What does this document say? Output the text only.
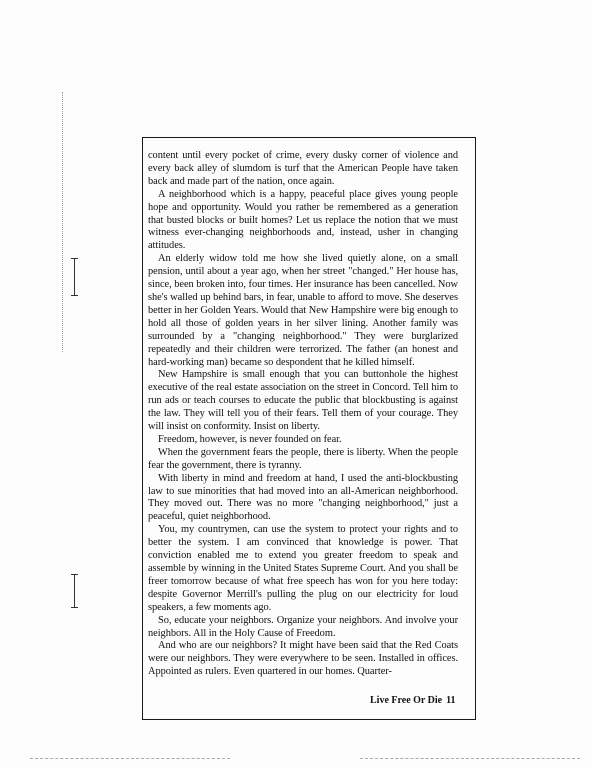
content until every pocket of crime, every dusky corner of violence and every back alley of slumdom is turf that the American People have taken back and made part of the nation, once again.

A neighborhood which is a happy, peaceful place gives young people hope and opportunity. Would you rather be remembered as a generation that busted blocks or built homes? Let us replace the notion that we must witness ever-changing neighborhoods and, instead, usher in changing attitudes.

An elderly widow told me how she lived quietly alone, on a small pension, until about a year ago, when her street "changed." Her house has, since, been broken into, four times. Her insurance has been cancelled. Now she's walled up behind bars, in fear, unable to afford to move. She deserves better in her Golden Years. Would that New Hampshire were big enough to hold all those of golden years in her silver lining. Another family was surrounded by a "changing neighborhood." They were burglarized repeatedly and their children were terrorized. The father (an honest and hard-working man) became so despondent that he killed himself.

New Hampshire is small enough that you can buttonhole the highest executive of the real estate association on the street in Concord. Tell him to run ads or teach courses to educate the public that blockbusting is against the law. They will tell you of their fears. Tell them of your courage. They will insist on conformity. Insist on liberty.

Freedom, however, is never founded on fear.

When the government fears the people, there is liberty. When the people fear the government, there is tyranny.

With liberty in mind and freedom at hand, I used the anti-blockbusting law to sue minorities that had moved into an all-American neighborhood. They moved out. There was no more "changing neighborhood," just a peaceful, quiet neighborhood.

You, my countrymen, can use the system to protect your rights and to better the system. I am convinced that knowledge is power. That conviction enabled me to extend you greater freedom to speak and assemble by winning in the United States Supreme Court. And you shall be freer tomorrow because of what free speech has won for you here today: despite Governor Merrill's pulling the plug on our electricity for loud speakers, a few moments ago.

So, educate your neighbors. Organize your neighbors. And involve your neighbors. All in the Holy Cause of Freedom.

And who are our neighbors? It might have been said that the Red Coats were our neighbors. They were everywhere to be seen. Installed in offices. Appointed as rulers. Even quartered in our homes. Quarter-

Live Free Or Die 11
